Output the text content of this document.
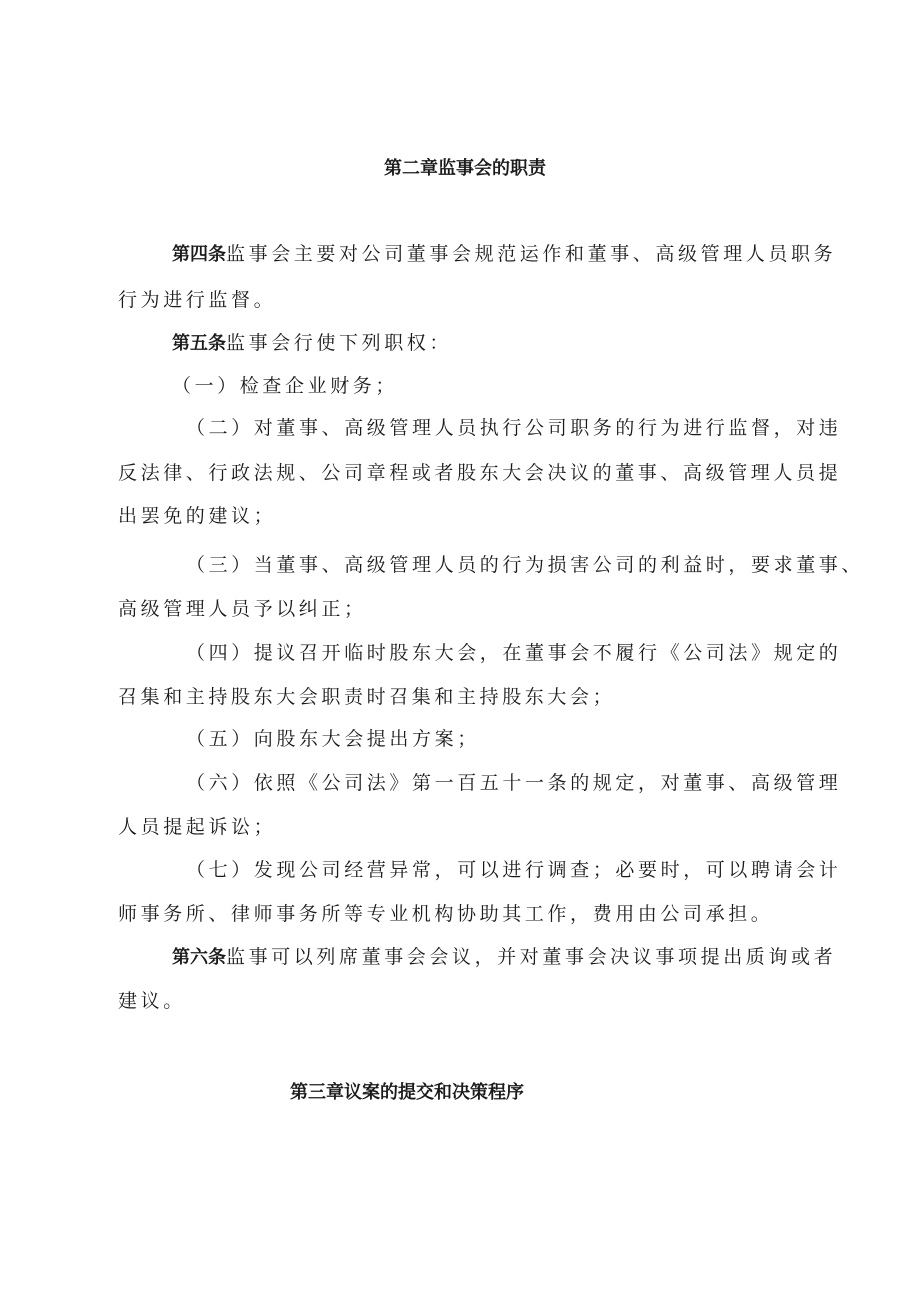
第二章监事会的职责

第四条监事会主要对公司董事会规范运作和董事、高级管理人员职务

行为进行监督。

第五条监事会行使下列职权：

（一）检查企业财务；

（二）对董事、高级管理人员执行公司职务的行为进行监督，对违

反法律、行政法规、公司章程或者股东大会决议的董事、高级管理人员提

出罢免的建议；

（三）当董事、高级管理人员的行为损害公司的利益时，要求董事、

高级管理人员予以纠正；

（四）提议召开临时股东大会，在董事会不履行《公司法》规定的

召集和主持股东大会职责时召集和主持股东大会；

（五）向股东大会提出方案；

（六）依照《公司法》第一百五十一条的规定，对董事、高级管理

人员提起诉讼；

（七）发现公司经营异常，可以进行调查；必要时，可以聘请会计

师事务所、律师事务所等专业机构协助其工作，费用由公司承担。

第六条监事可以列席董事会会议，并对董事会决议事项提出质询或者

建议。

第三章议案的提交和决策程序
